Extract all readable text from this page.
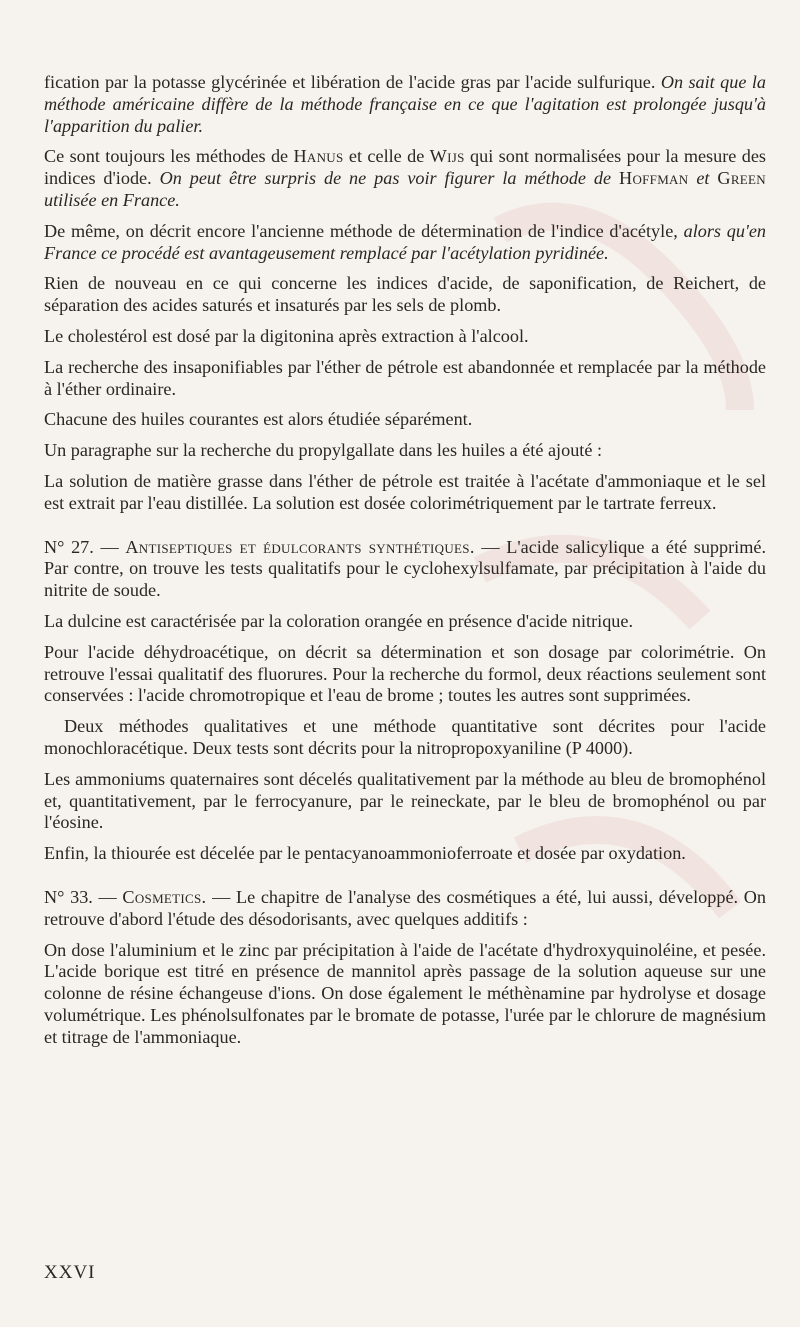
fication par la potasse glycérinée et libération de l'acide gras par l'acide sulfurique. On sait que la méthode américaine diffère de la méthode française en ce que l'agitation est prolongée jusqu'à l'apparition du palier.

Ce sont toujours les méthodes de Hanus et celle de Wijs qui sont normalisées pour la mesure des indices d'iode. On peut être surpris de ne pas voir figurer la méthode de Hoffman et Green utilisée en France.

De même, on décrit encore l'ancienne méthode de détermination de l'indice d'acétyle, alors qu'en France ce procédé est avantageusement remplacé par l'acétylation pyridinée.

Rien de nouveau en ce qui concerne les indices d'acide, de saponification, de Reichert, de séparation des acides saturés et insaturés par les sels de plomb.

Le cholestérol est dosé par la digitonina après extraction à l'alcool.

La recherche des insaponifiables par l'éther de pétrole est abandonnée et remplacée par la méthode à l'éther ordinaire.

Chacune des huiles courantes est alors étudiée séparément.

Un paragraphe sur la recherche du propylgallate dans les huiles a été ajouté :

La solution de matière grasse dans l'éther de pétrole est traitée à l'acétate d'ammoniaque et le sel est extrait par l'eau distillée. La solution est dosée colorimétriquement par le tartrate ferreux.

N° 27. — Antiseptiques et édulcorants synthétiques. — L'acide salicylique a été supprimé. Par contre, on trouve les tests qualitatifs pour le cyclohexylsulfamate, par précipitation à l'aide du nitrite de soude.

La dulcine est caractérisée par la coloration orangée en présence d'acide nitrique.

Pour l'acide déhydroacétique, on décrit sa détermination et son dosage par colorimétrie. On retrouve l'essai qualitatif des fluorures. Pour la recherche du formol, deux réactions seulement sont conservées : l'acide chromotropique et l'eau de brome ; toutes les autres sont supprimées.

Deux méthodes qualitatives et une méthode quantitative sont décrites pour l'acide monochloracétique. Deux tests sont décrits pour la nitropropoxyaniline (P 4000).

Les ammoniums quaternaires sont décelés qualitativement par la méthode au bleu de bromophénol et, quantitativement, par le ferrocyanure, par le reineckate, par le bleu de bromophénol ou par l'éosine.

Enfin, la thiourée est décelée par le pentacyanoammonioferroate et dosée par oxydation.

N° 33. — Cosmetics. — Le chapitre de l'analyse des cosmétiques a été, lui aussi, développé. On retrouve d'abord l'étude des désodorisants, avec quelques additifs :

On dose l'aluminium et le zinc par précipitation à l'aide de l'acétate d'hydroxyquinoléine, et pesée. L'acide borique est titré en présence de mannitol après passage de la solution aqueuse sur une colonne de résine échangeuse d'ions. On dose également le méthènamine par hydrolyse et dosage volumétrique. Les phénolsulfonates par le bromate de potasse, l'urée par le chlorure de magnésium et titrage de l'ammoniaque.

XXVI
